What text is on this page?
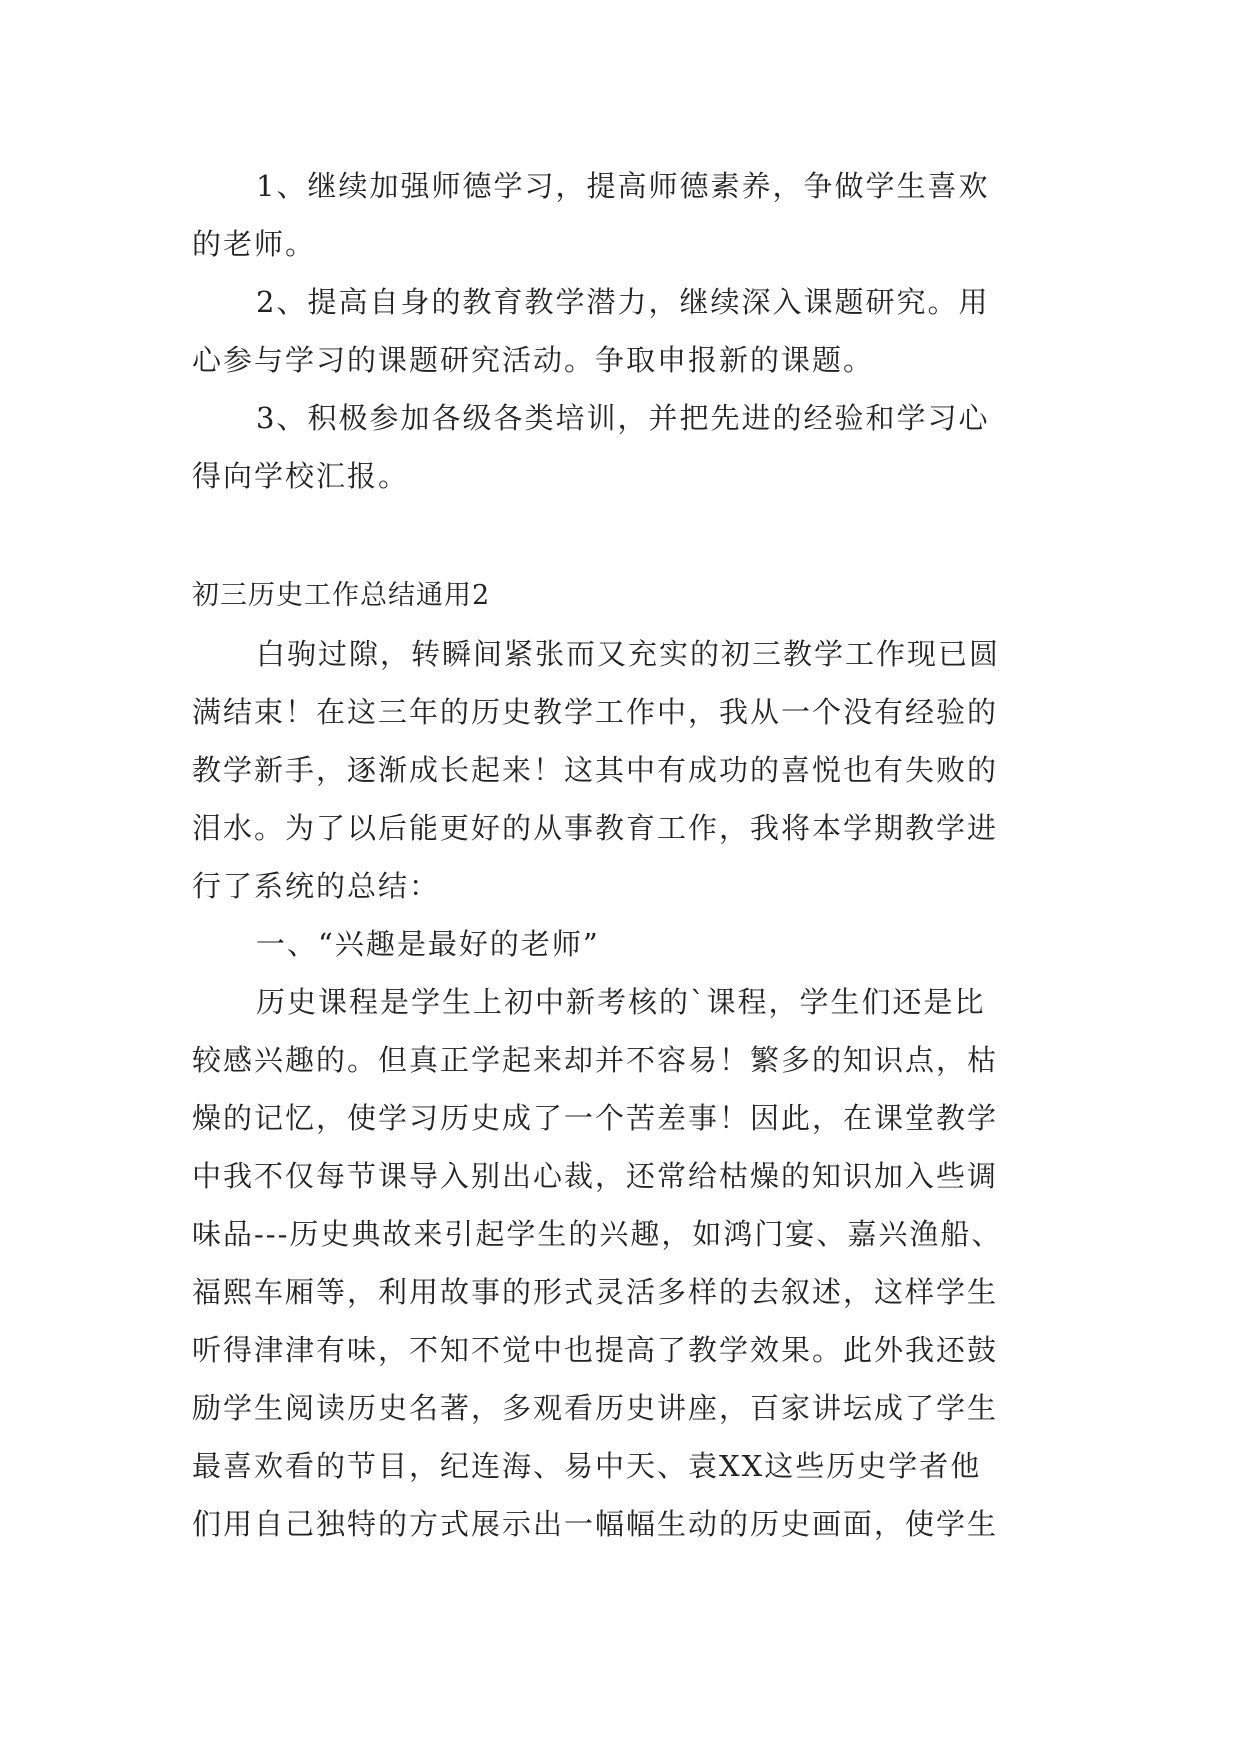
1、继续加强师德学习，提高师德素养，争做学生喜欢
的老师。
2、提高自身的教育教学潜力，继续深入课题研究。用
心参与学习的课题研究活动。争取申报新的课题。
3、积极参加各级各类培训，并把先进的经验和学习心
得向学校汇报。
初三历史工作总结通用2
白驹过隙，转瞬间紧张而又充实的初三教学工作现已圆
满结束！在这三年的历史教学工作中，我从一个没有经验的
教学新手，逐渐成长起来！这其中有成功的喜悦也有失败的
泪水。为了以后能更好的从事教育工作，我将本学期教学进
行了系统的总结：
一、“兴趣是最好的老师”
历史课程是学生上初中新考核的`课程，学生们还是比
较感兴趣的。但真正学起来却并不容易！繁多的知识点，枯
燥的记忆，使学习历史成了一个苦差事！因此，在课堂教学
中我不仅每节课导入别出心裁，还常给枯燥的知识加入些调
味品---历史典故来引起学生的兴趣，如鸿门宴、嘉兴渔船、
福熙车厢等，利用故事的形式灵活多样的去叙述，这样学生
听得津津有味，不知不觉中也提高了教学效果。此外我还鼓
励学生阅读历史名著，多观看历史讲座，百家讲坛成了学生
最喜欢看的节目，纪连海、易中天、袁XX这些历史学者他
们用自己独特的方式展示出一幅幅生动的历史画面，使学生
